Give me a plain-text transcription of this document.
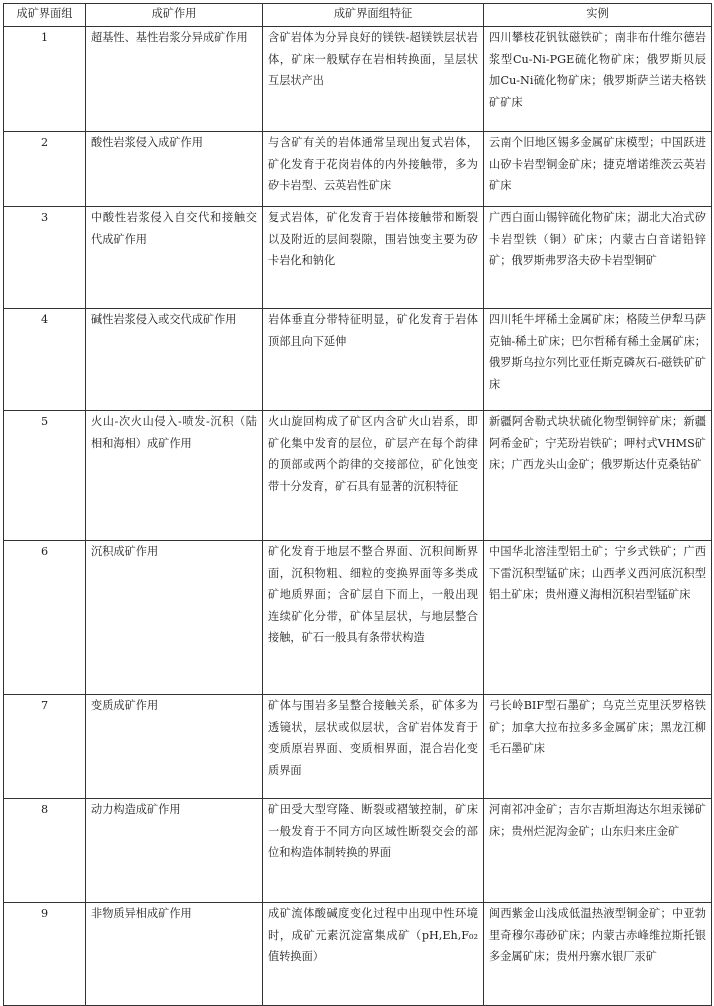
成矿界面组	成矿作用	成矿界面组特征	实例
1	超基性、基性岩浆分异成矿作用	含矿岩体为分异良好的镁铁-超镁铁层状岩体，矿床一般赋存在岩相转换面，呈层状互层状产出	四川攀枝花钒钛磁铁矿；南非布什维尔德岩浆型Cu-Ni-PGE硫化物矿床；俄罗斯贝辰加Cu-Ni硫化物矿床；俄罗斯萨兰诺夫格铁矿矿床
2	酸性岩浆侵入成矿作用	与含矿有关的岩体通常呈现出复式岩体，矿化发育于花岗岩体的内外接触带，多为矽卡岩型、云英岩性矿床	云南个旧地区锡多金属矿床模型；中国跃进山矽卡岩型铜金矿床；捷克增诺维茨云英岩矿床
3	中酸性岩浆侵入自交代和接触交代成矿作用	复式岩体，矿化发育于岩体接触带和断裂以及附近的层间裂隙，围岩蚀变主要为矽卡岩化和钠化	广西白面山锡锌硫化物矿床；湖北大冶式矽卡岩型铁（铜）矿床；内蒙古白音诺铅锌矿；俄罗斯弗罗洛夫矽卡岩型铜矿
4	碱性岩浆侵入或交代成矿作用	岩体垂直分带特征明显，矿化发育于岩体顶部且向下延伸	四川牦牛坪稀土金属矿床；格陵兰伊犁马萨克铀-稀土矿床；巴尔哲稀有稀土金属矿床；俄罗斯乌拉尔列比亚任斯克磷灰石-磁铁矿矿床
5	火山-次火山侵入-喷发-沉积（陆相和海相）成矿作用	火山旋回构成了矿区内含矿火山岩系，即矿化集中发育的层位，矿层产在每个韵律的顶部或两个韵律的交接部位，矿化蚀变带十分发育，矿石具有显著的沉积特征	新疆阿舍勒式块状硫化物型铜锌矿床；新疆阿希金矿；宁芜玢岩铁矿；呷村式VHMS矿床；广西龙头山金矿；俄罗斯达什克桑钴矿
6	沉积成矿作用	矿化发育于地层不整合界面、沉积间断界面，沉积物粗、细粒的变换界面等多类成矿地质界面；含矿层自下而上，一般出现连续矿化分带，矿体呈层状，与地层整合接触，矿石一般具有条带状构造	中国华北溶洼型铝土矿；宁乡式铁矿；广西下雷沉积型锰矿床；山西孝义西河底沉积型铝土矿床；贵州遵义海相沉积岩型锰矿床
7	变质成矿作用	矿体与围岩多呈整合接触关系，矿体多为透镜状，层状或似层状，含矿岩体发育于变质原岩界面、变质相界面，混合岩化变质界面	弓长岭BIF型石墨矿；乌克兰克里沃罗格铁矿；加拿大拉布拉多多金属矿床；黑龙江柳毛石墨矿床
8	动力构造成矿作用	矿田受大型穹隆、断裂或褶皱控制，矿床一般发育于不同方向区域性断裂交会的部位和构造体制转换的界面	河南祁冲金矿；吉尔吉斯坦海达尔坦汞锑矿床；贵州烂泥沟金矿；山东归来庄金矿
9	非物质异相成矿作用	成矿流体酸碱度变化过程中出现中性环境时，成矿元素沉淀富集成矿（pH,Eh,F₀₂值转换面）	闽西紫金山浅成低温热液型铜金矿；中亚勃里奇穆尔毒砂矿床；内蒙古赤峰维拉斯托银多金属矿床；贵州丹寨水银厂汞矿
